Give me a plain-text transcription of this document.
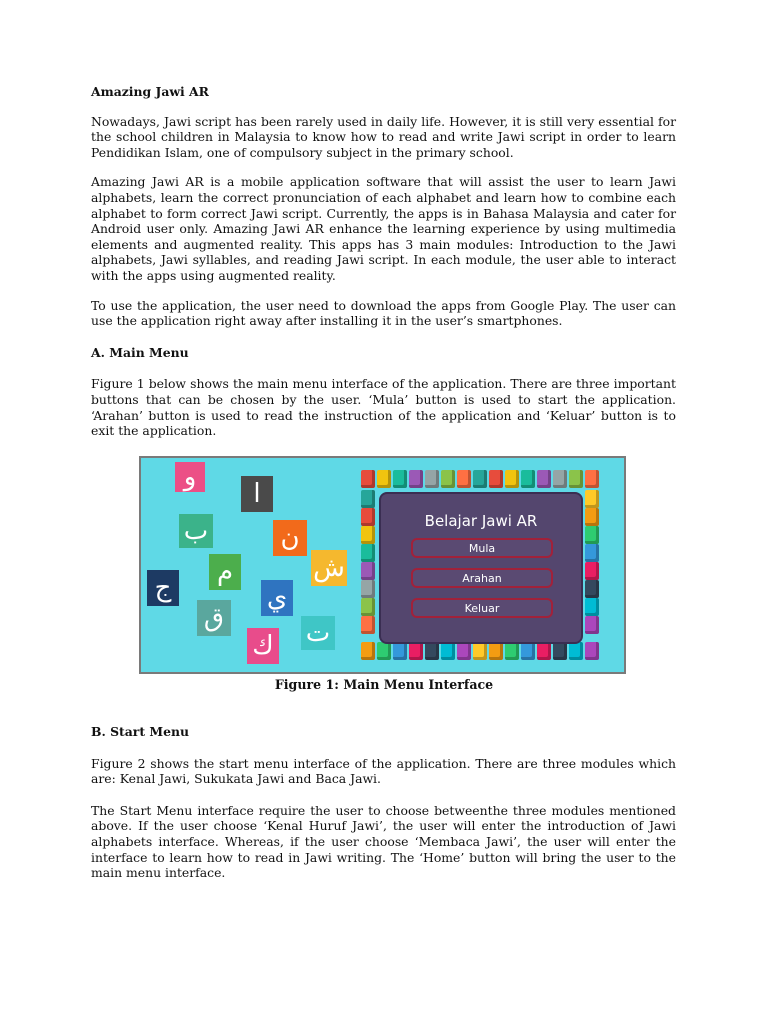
Amazing Jawi AR

Nowadays, Jawi script has been rarely used in daily life. However, it is still very essential for the school children in Malaysia to know how to read and write Jawi script in order to learn Pendidikan Islam, one of compulsory subject in the primary school.

Amazing Jawi AR is a mobile application software that will assist the user to learn Jawi alphabets, learn the correct pronunciation of each alphabet and learn how to combine each alphabet to form correct Jawi script. Currently, the apps is in Bahasa Malaysia and cater for Android user only. Amazing Jawi AR enhance the learning experience by using multimedia elements and augmented reality. This apps has 3 main modules: Introduction to the Jawi alphabets, Jawi syllables, and reading Jawi script. In each module, the user able to interact with the apps using augmented reality.

To use the application, the user need to download the apps from Google Play. The user can use the application right away after installing it in the user’s smartphones.

A. Main Menu

Figure 1 below shows the main menu interface of the application. There are three important buttons that can be chosen by the user. ‘Mula’ button is used to start the application. ‘Arahan’ button is used to read the instruction of the application and ‘Keluar’ button is to exit the application.

و
ا
ب	ن
م	ش
ج	ي
ق	ت
ك
Belajar Jawi AR
Mula
Arahan
Keluar
Figure 1: Main Menu Interface

B. Start Menu

Figure 2 shows the start menu interface of the application. There are three modules which are: Kenal Jawi, Sukukata Jawi and Baca Jawi.

The Start Menu interface require the user to choose betweenthe three modules mentioned above. If the user choose ‘Kenal Huruf Jawi’, the user will enter the introduction of Jawi alphabets interface. Whereas, if the user choose ‘Membaca Jawi’, the user will enter the interface to learn how to read in Jawi writing. The ‘Home’ button will bring the user to the main menu interface.
